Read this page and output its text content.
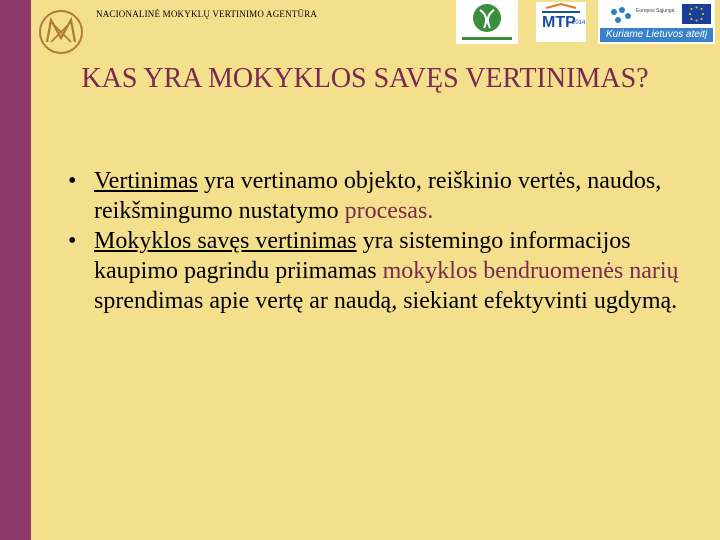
NACIONALINĖ MOKYKLŲ VERTINIMO AGENTŪRA	MTP
2014
Europos Sąjunga
Kuriame Lietuvos ateitį
KAS YRA MOKYKLOS SAVĘS VERTINIMAS?
• Vertinimas yra vertinamo objekto, reiškinio vertės, naudos, reikšmingumo nustatymo procesas.
• Mokyklos savęs vertinimas yra sistemingo informacijos kaupimo pagrindu priimamas mokyklos bendruomenės narių sprendimas apie vertę ar naudą, siekiant efektyvinti ugdymą.
